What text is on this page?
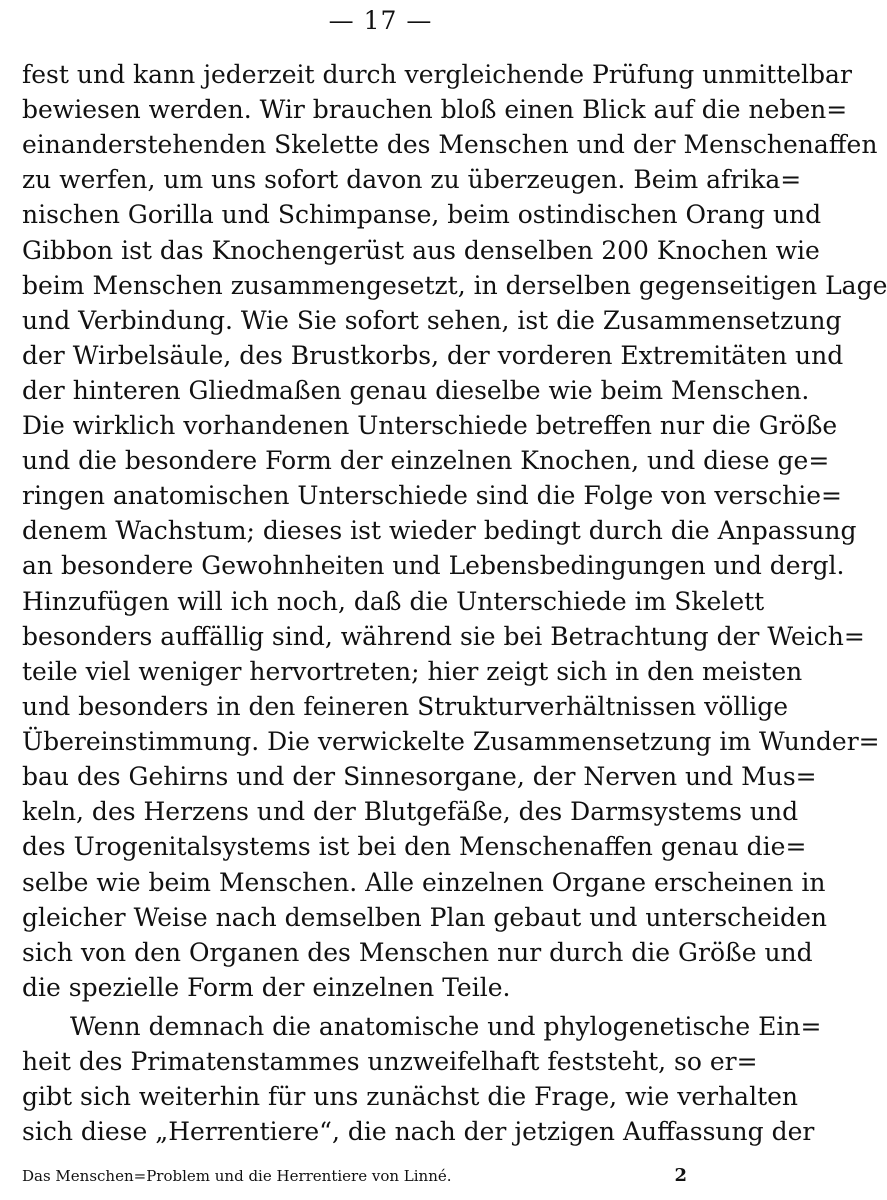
— 17 —
fest und kann jederzeit durch vergleichende Prüfung unmittelbar
bewiesen werden. Wir brauchen bloß einen Blick auf die neben=
einanderstehenden Skelette des Menschen und der Menschenaffen
zu werfen, um uns sofort davon zu überzeugen. Beim afrika=
nischen Gorilla und Schimpanse, beim ostindischen Orang und
Gibbon ist das Knochengerüst aus denselben 200 Knochen wie
beim Menschen zusammengesetzt, in derselben gegenseitigen Lage
und Verbindung. Wie Sie sofort sehen, ist die Zusammensetzung
der Wirbelsäule, des Brustkorbs, der vorderen Extremitäten und
der hinteren Gliedmaßen genau dieselbe wie beim Menschen.
Die wirklich vorhandenen Unterschiede betreffen nur die Größe
und die besondere Form der einzelnen Knochen, und diese ge=
ringen anatomischen Unterschiede sind die Folge von verschie=
denem Wachstum; dieses ist wieder bedingt durch die Anpassung
an besondere Gewohnheiten und Lebensbedingungen und dergl.
Hinzufügen will ich noch, daß die Unterschiede im Skelett
besonders auffällig sind, während sie bei Betrachtung der Weich=
teile viel weniger hervortreten; hier zeigt sich in den meisten
und besonders in den feineren Strukturverhältnissen völlige
Übereinstimmung. Die verwickelte Zusammensetzung im Wunder=
bau des Gehirns und der Sinnesorgane, der Nerven und Mus=
keln, des Herzens und der Blutgefäße, des Darmsystems und
des Urogenitalsystems ist bei den Menschenaffen genau die=
selbe wie beim Menschen. Alle einzelnen Organe erscheinen in
gleicher Weise nach demselben Plan gebaut und unterscheiden
sich von den Organen des Menschen nur durch die Größe und
die spezielle Form der einzelnen Teile.
Wenn demnach die anatomische und phylogenetische Ein=
heit des Primatenstammes unzweifelhaft feststeht, so er=
gibt sich weiterhin für uns zunächst die Frage, wie verhalten
sich diese „Herrentiere“, die nach der jetzigen Auffassung der
Das Menschen=Problem und die Herrentiere von Linné.	2
